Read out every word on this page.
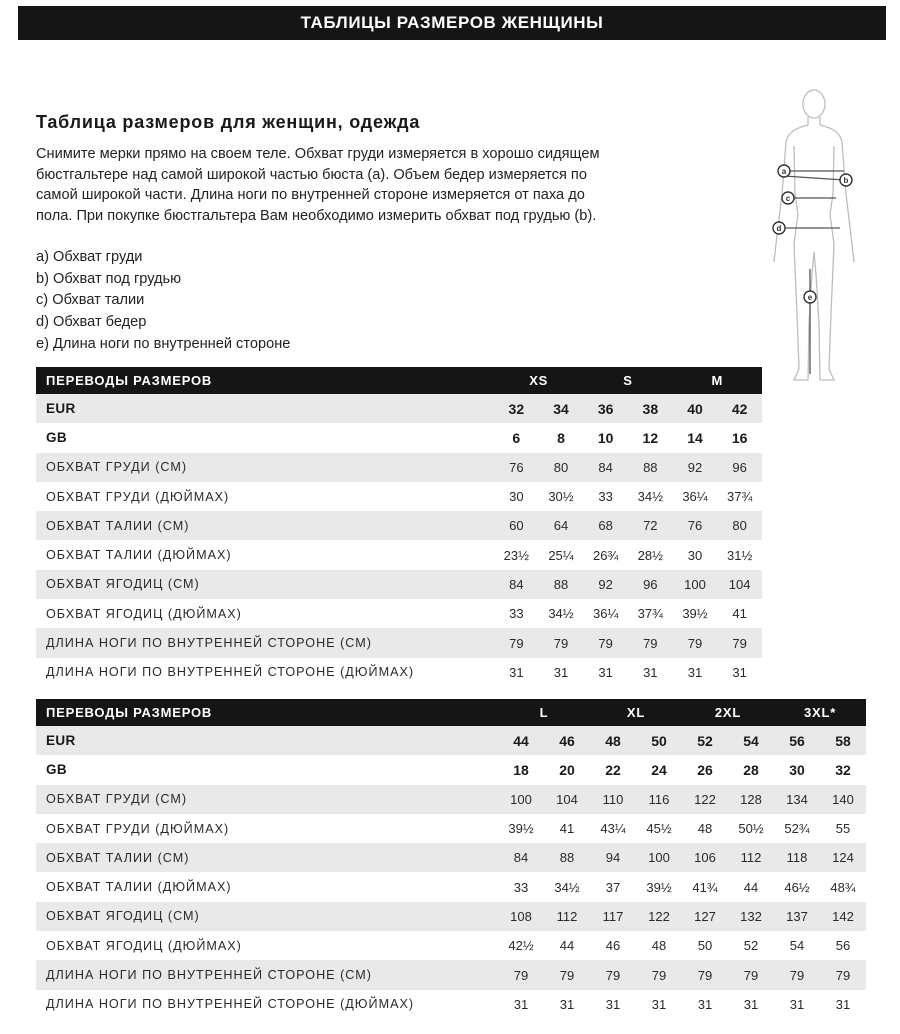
ТАБЛИЦЫ РАЗМЕРОВ ЖЕНЩИНЫ
Таблица размеров для женщин, одежда
Снимите мерки прямо на своем теле. Обхват груди измеряется в хорошо сидящем
бюстгальтере над самой широкой частью бюста (a). Объем бедер измеряется по
самой широкой части. Длина ноги по внутренней стороне измеряется от паха до
пола. При покупке бюстгальтера Вам необходимо измерить обхват под грудью (b).
a) Обхват груди
b) Обхват под грудью
c) Обхват талии
d) Обхват бедер
e) Длина ноги по внутренней стороне
a
b
c
d
e
ПЕРЕВОДЫ РАЗМЕРОВ	XS		S		M	
EUR	32	34	36	38	40	42
GB	6	8	10	12	14	16
ОБХВАТ ГРУДИ (СМ)	76	80	84	88	92	96
ОБХВАТ ГРУДИ (ДЮЙМАХ)	30	30½	33	34½	36¼	37¾
ОБХВАТ ТАЛИИ (СМ)	60	64	68	72	76	80
ОБХВАТ ТАЛИИ (ДЮЙМАХ)	23½	25¼	26¾	28½	30	31½
ОБХВАТ ЯГОДИЦ (СМ)	84	88	92	96	100	104
ОБХВАТ ЯГОДИЦ (ДЮЙМАХ)	33	34½	36¼	37¾	39½	41
ДЛИНА НОГИ ПО ВНУТРЕННЕЙ СТОРОНЕ (СМ)	79	79	79	79	79	79
ДЛИНА НОГИ ПО ВНУТРЕННЕЙ СТОРОНЕ (ДЮЙМАХ)	31	31	31	31	31	31
ПЕРЕВОДЫ РАЗМЕРОВ	L		XL		2XL		3XL*	
EUR	44	46	48	50	52	54	56	58
GB	18	20	22	24	26	28	30	32
ОБХВАТ ГРУДИ (СМ)	100	104	110	116	122	128	134	140
ОБХВАТ ГРУДИ (ДЮЙМАХ)	39½	41	43¼	45½	48	50½	52¾	55
ОБХВАТ ТАЛИИ (СМ)	84	88	94	100	106	112	118	124
ОБХВАТ ТАЛИИ (ДЮЙМАХ)	33	34½	37	39½	41¾	44	46½	48¾
ОБХВАТ ЯГОДИЦ (СМ)	108	112	117	122	127	132	137	142
ОБХВАТ ЯГОДИЦ (ДЮЙМАХ)	42½	44	46	48	50	52	54	56
ДЛИНА НОГИ ПО ВНУТРЕННЕЙ СТОРОНЕ (СМ)	79	79	79	79	79	79	79	79
ДЛИНА НОГИ ПО ВНУТРЕННЕЙ СТОРОНЕ (ДЮЙМАХ)	31	31	31	31	31	31	31	31
